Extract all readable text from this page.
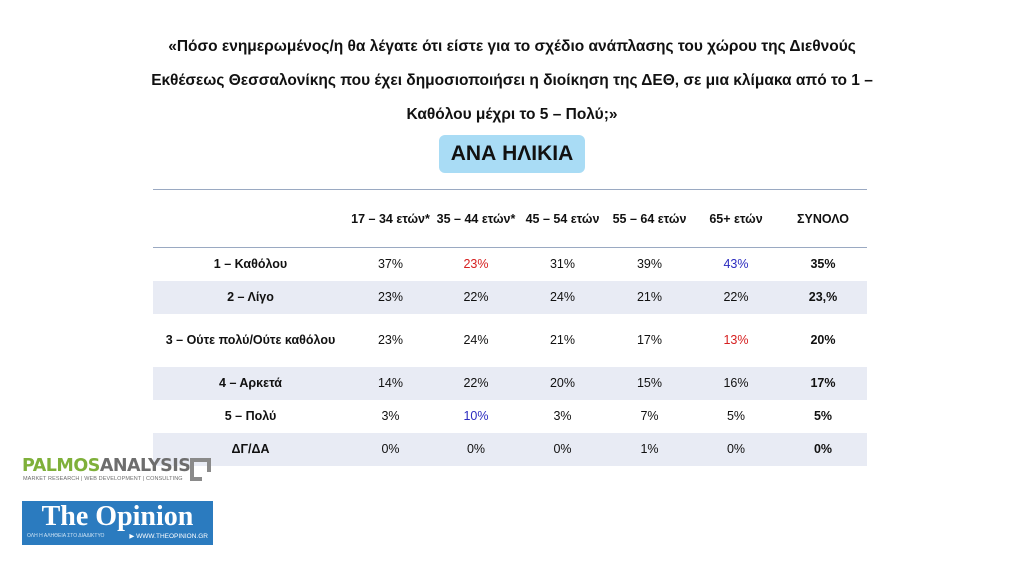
«Πόσο ενημερωμένος/η θα λέγατε ότι είστε για το σχέδιο ανάπλασης του χώρου της Διεθνούς
Εκθέσεως Θεσσαλονίκης που έχει δημοσιοποιήσει η διοίκηση της ΔΕΘ, σε μια κλίμακα από το 1 –
Καθόλου μέχρι το 5 – Πολύ;»
ΑΝΑ ΗΛΙΚΙΑ
	17 – 34 ετών*	35 – 44 ετών*	45 – 54 ετών	55 – 64 ετών	65+ ετών	ΣΥΝΟΛΟ
1 – Καθόλου	37%	23%	31%	39%	43%	35%
2 – Λίγο	23%	22%	24%	21%	22%	23,%
3 – Ούτε πολύ/Ούτε καθόλου	23%	24%	21%	17%	13%	20%
4 – Αρκετά	14%	22%	20%	15%	16%	17%
5 – Πολύ	3%	10%	3%	7%	5%	5%
ΔΓ/ΔΑ	0%	0%	0%	1%	0%	0%
PALMOSANALYSIS
MARKET RESEARCH | WEB DEVELOPMENT | CONSULTING
The Opinion
ΟΛΗ Η ΑΛΗΘΕΙΑ ΣΤΟ ΔΙΑΔΙΚΤΥΟ	▶ WWW.THEOPINION.GR
